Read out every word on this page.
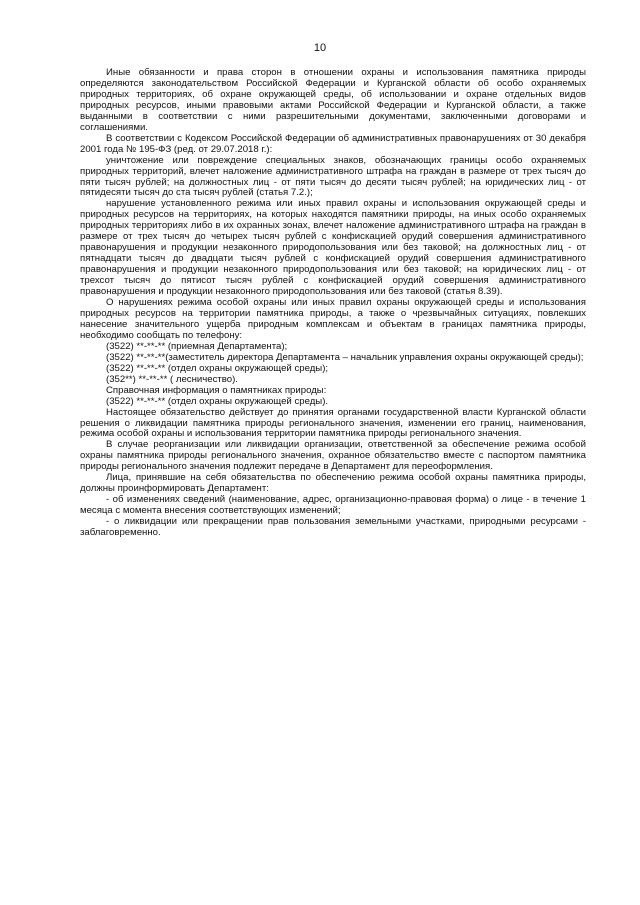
10

Иные обязанности и права сторон в отношении охраны и использования памятника природы определяются законодательством Российской Федерации и Курганской области об особо охраняемых природных территориях, об охране окружающей среды, об использовании и охране отдельных видов природных ресурсов, иными правовыми актами Российской Федерации и Курганской области, а также выданными в соответствии с ними разрешительными документами, заключенными договорами и соглашениями.

В соответствии с Кодексом Российской Федерации об административных правонарушениях от 30 декабря 2001 года № 195-ФЗ (ред. от 29.07.2018 г.):

уничтожение или повреждение специальных знаков, обозначающих границы особо охраняемых природных территорий, влечет наложение административного штрафа на граждан в размере от трех тысяч до пяти тысяч рублей; на должностных лиц - от пяти тысяч до десяти тысяч рублей; на юридических лиц - от пятидесяти тысяч до ста тысяч рублей (статья 7.2.);

нарушение установленного режима или иных правил охраны и использования окружающей среды и природных ресурсов на территориях, на которых находятся памятники природы, на иных особо охраняемых природных территориях либо в их охранных зонах, влечет наложение административного штрафа на граждан в размере от трех тысяч до четырех тысяч рублей с конфискацией орудий совершения административного правонарушения и продукции незаконного природопользования или без таковой; на должностных лиц - от пятнадцати тысяч до двадцати тысяч рублей с конфискацией орудий совершения административного правонарушения и продукции незаконного природопользования или без таковой; на юридических лиц - от трехсот тысяч до пятисот тысяч рублей с конфискацией орудий совершения административного правонарушения и продукции незаконного природопользования или без таковой (статья 8.39).

О нарушениях режима особой охраны или иных правил охраны окружающей среды и использования природных ресурсов на территории памятника природы, а также о чрезвычайных ситуациях, повлекших нанесение значительного ущерба природным комплексам и объектам в границах памятника природы, необходимо сообщать по телефону:

(3522) **-**-** (приемная Департамента);

(3522) **-**-**(заместитель директора Департамента – начальник управления охраны окружающей среды);

(3522) **-**-** (отдел охраны окружающей среды);

(352**) **-**-** ( лесничество).

Справочная информация о памятниках природы:

(3522) **-**-** (отдел охраны окружающей среды).

Настоящее обязательство действует до принятия органами государственной власти Курганской области решения о ликвидации памятника природы регионального значения, изменении его границ, наименования, режима особой охраны и использования территории памятника природы регионального значения.

В случае реорганизации или ликвидации организации, ответственной за обеспечение режима особой охраны памятника природы регионального значения, охранное обязательство вместе с паспортом памятника природы регионального значения подлежит передаче в Департамент для переоформления.

Лица, принявшие на себя обязательства по обеспечению режима особой охраны памятника природы, должны проинформировать Департамент:

- об изменениях сведений (наименование, адрес, организационно-правовая форма) о лице - в течение 1 месяца с момента внесения соответствующих изменений;

- о ликвидации или прекращении прав пользования земельными участками, природными ресурсами - заблаговременно.
